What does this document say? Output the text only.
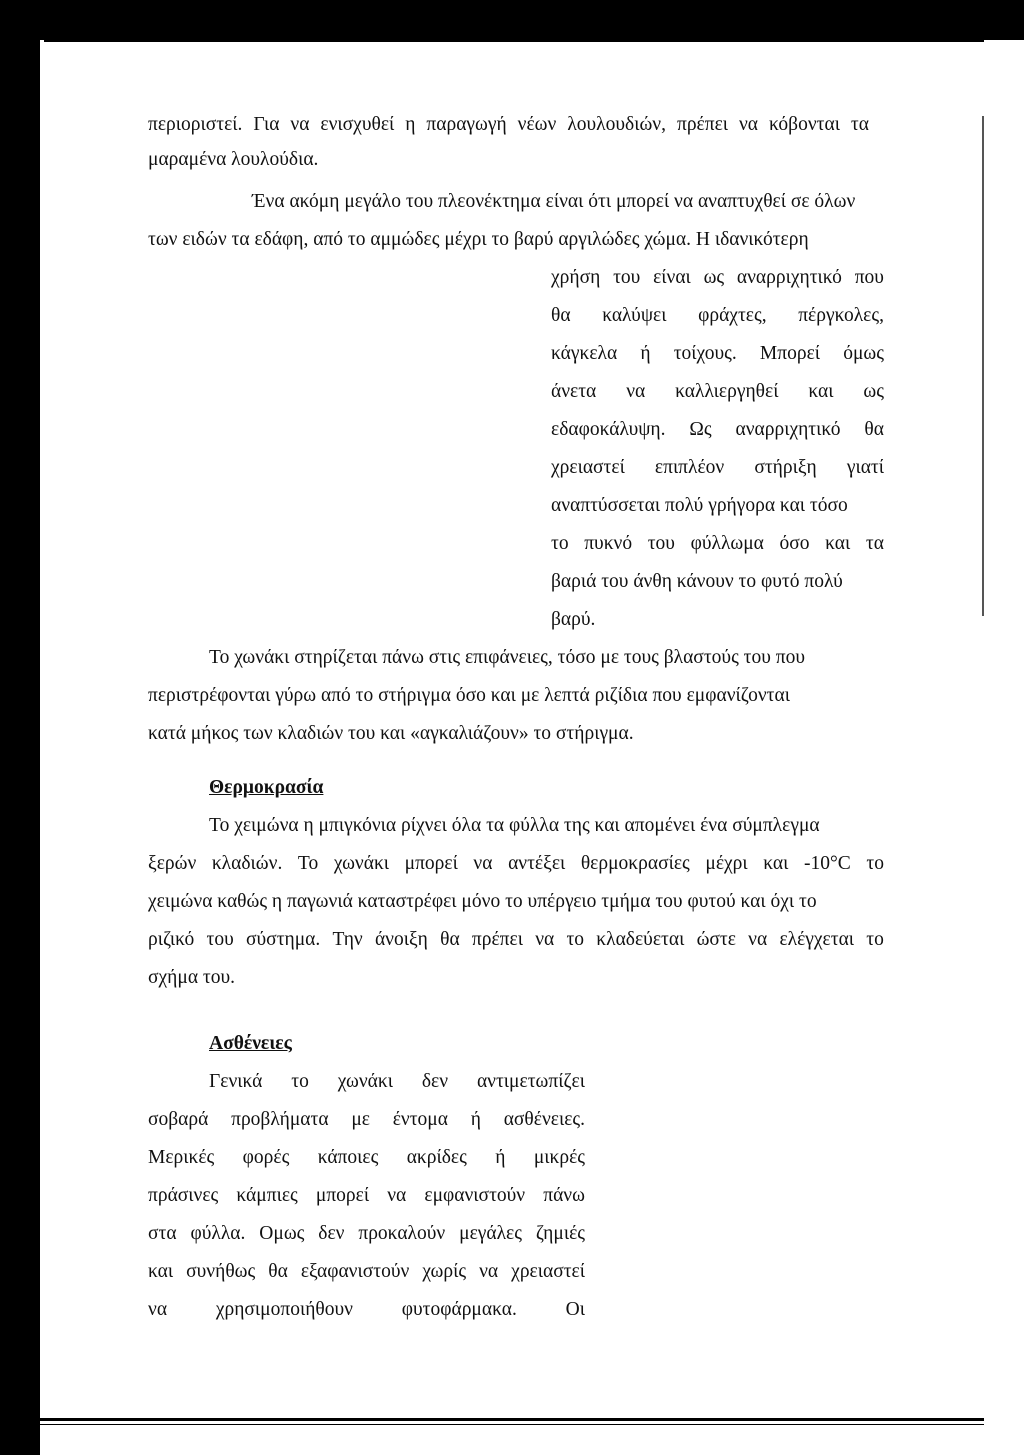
περιοριστεί. Για να ενισχυθεί η παραγωγή νέων λουλουδιών, πρέπει να κόβονται τα
μαραμένα λουλούδια.
Ένα ακόμη μεγάλο του πλεονέκτημα είναι ότι μπορεί να αναπτυχθεί σε όλων
των ειδών τα εδάφη, από το αμμώδες μέχρι το βαρύ αργιλώδες χώμα. Η ιδανικότερη
χρήση του είναι ως αναρριχητικό που
θα καλύψει φράχτες, πέργκολες,
κάγκελα ή τοίχους. Μπορεί όμως
άνετα να καλλιεργηθεί και ως
εδαφοκάλυψη. Ως αναρριχητικό θα
χρειαστεί επιπλέον στήριξη γιατί
αναπτύσσεται πολύ γρήγορα και τόσο
το πυκνό του φύλλωμα όσο και τα
βαριά του άνθη κάνουν το φυτό πολύ
βαρύ.
Το χωνάκι στηρίζεται πάνω στις επιφάνειες, τόσο με τους βλαστούς του που
περιστρέφονται γύρω από το στήριγμα όσο και με λεπτά ριζίδια που εμφανίζονται
κατά μήκος των κλαδιών του και «αγκαλιάζουν» το στήριγμα.
Θερμοκρασία
Το χειμώνα η μπιγκόνια ρίχνει όλα τα φύλλα της και απομένει ένα σύμπλεγμα
ξερών κλαδιών. Το χωνάκι μπορεί να αντέξει θερμοκρασίες μέχρι και -10°C το
χειμώνα καθώς η παγωνιά καταστρέφει μόνο το υπέργειο τμήμα του φυτού και όχι το
ριζικό του σύστημα. Την άνοιξη θα πρέπει να το κλαδεύεται ώστε να ελέγχεται το
σχήμα του.
Ασθένειες
Γενικά το χωνάκι δεν αντιμετωπίζει
σοβαρά προβλήματα με έντομα ή ασθένειες.
Μερικές φορές κάποιες ακρίδες ή μικρές
πράσινες κάμπιες μπορεί να εμφανιστούν πάνω
στα φύλλα. Ομως δεν προκαλούν μεγάλες ζημιές
και συνήθως θα εξαφανιστούν χωρίς να χρειαστεί
να	χρησιμοποιήθουν	φυτοφάρμακα.	Οι
